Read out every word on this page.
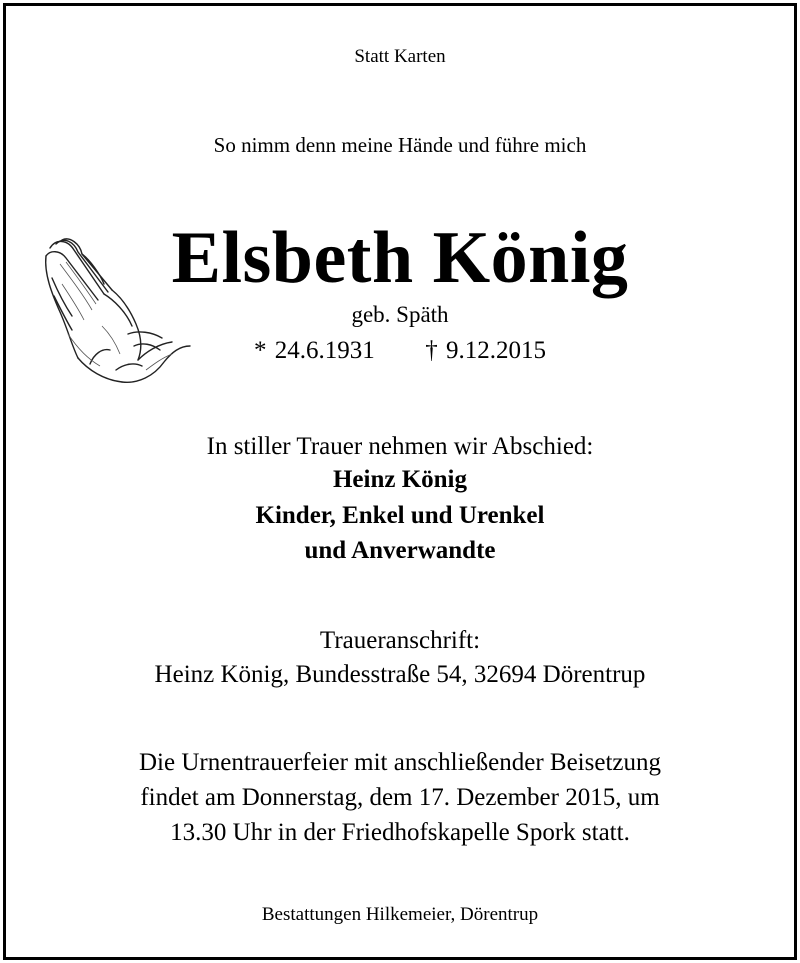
Statt Karten
So nimm denn meine Hände und führe mich
Elsbeth König
geb. Späth
* 24.6.1931 † 9.12.2015
In stiller Trauer nehmen wir Abschied:
Heinz König
Kinder, Enkel und Urenkel
und Anverwandte
Traueranschrift:
Heinz König, Bundesstraße 54, 32694 Dörentrup
Die Urnentrauerfeier mit anschließender Beisetzung
findet am Donnerstag, dem 17. Dezember 2015, um
13.30 Uhr in der Friedhofskapelle Spork statt.
Bestattungen Hilkemeier, Dörentrup
